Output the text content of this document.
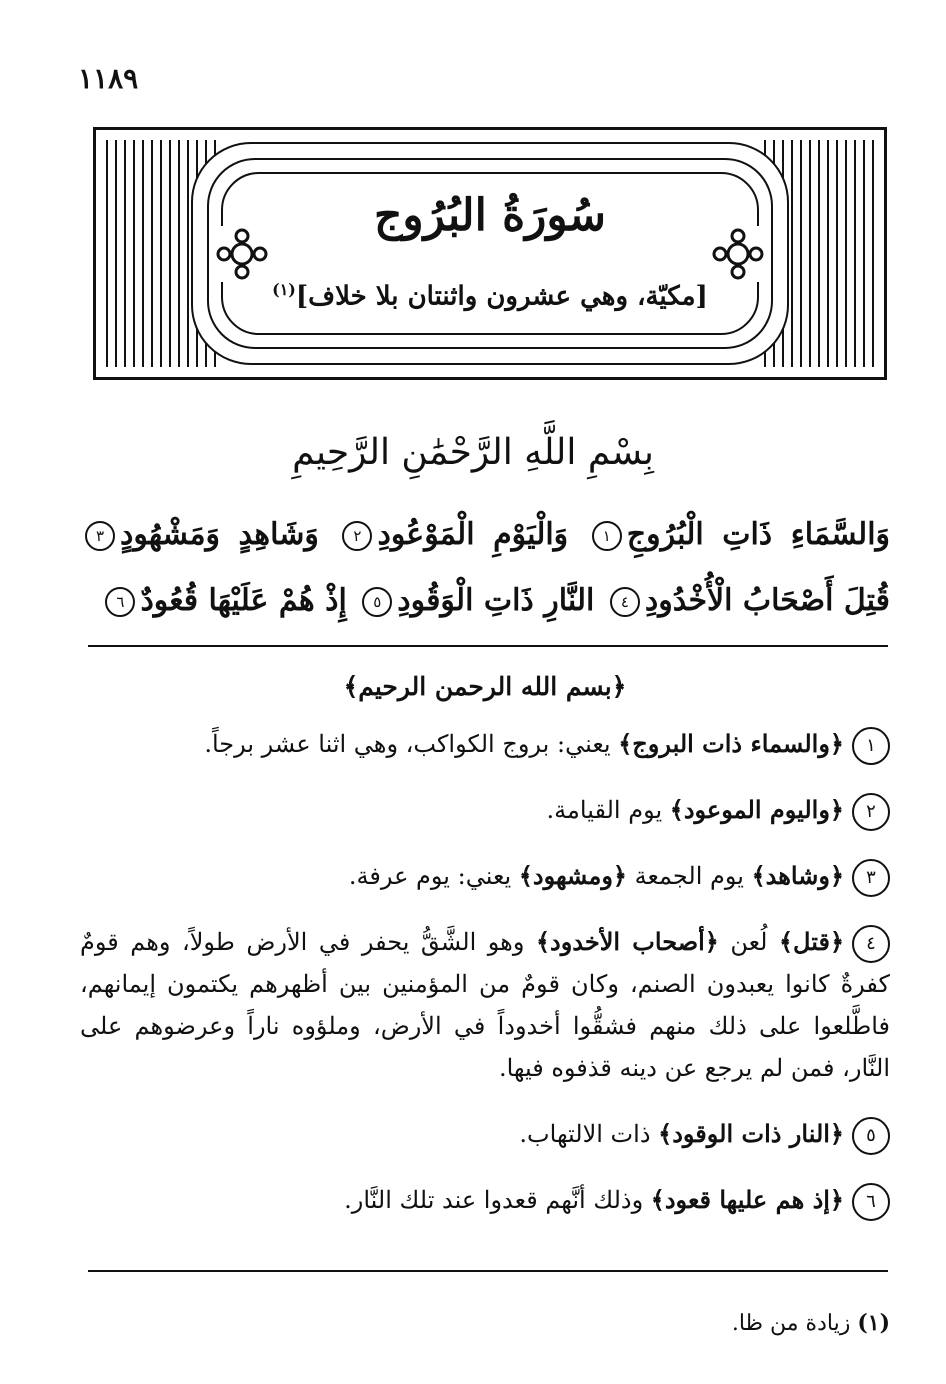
١١٨٩
سُورَةُ البُرُوج
[مكيّة، وهي عشرون واثنتان بلا خلاف]$^{(١)}$
بِسْمِ اللَّهِ الرَّحْمَٰنِ الرَّحِيمِ
وَالسَّمَاءِ ذَاتِ الْبُرُوجِ١ وَالْيَوْمِ الْمَوْعُودِ٢ وَشَاهِدٍ وَمَشْهُودٍ٣ قُتِلَ أَصْحَابُ الْأُخْدُودِ٤ النَّارِ ذَاتِ الْوَقُودِ٥ إِذْ هُمْ عَلَيْهَا قُعُودٌ٦

﴿بسم الله الرحمن الرحيم﴾

١﴿والسماء ذات البروج﴾ يعني: بروج الكواكب، وهي اثنا عشر برجاً.

٢﴿واليوم الموعود﴾ يوم القيامة.

٣﴿وشاهد﴾ يوم الجمعة ﴿ومشهود﴾ يعني: يوم عرفة.

٤﴿قتل﴾ لُعن ﴿أصحاب الأخدود﴾ وهو الشَّقُّ يحفر في الأرض طولاً، وهم قومٌ كفرةٌ كانوا يعبدون الصنم، وكان قومٌ من المؤمنين بين أظهرهم يكتمون إيمانهم، فاطَّلعوا على ذلك منهم فشقُّوا أخدوداً في الأرض، وملؤوه ناراً وعرضوهم على النَّار، فمن لم يرجع عن دينه قذفوه فيها.

٥﴿النار ذات الوقود﴾ ذات الالتهاب.

٦﴿إذ هم عليها قعود﴾ وذلك أنَّهم قعدوا عند تلك النَّار.

(١) زيادة من ظا.
